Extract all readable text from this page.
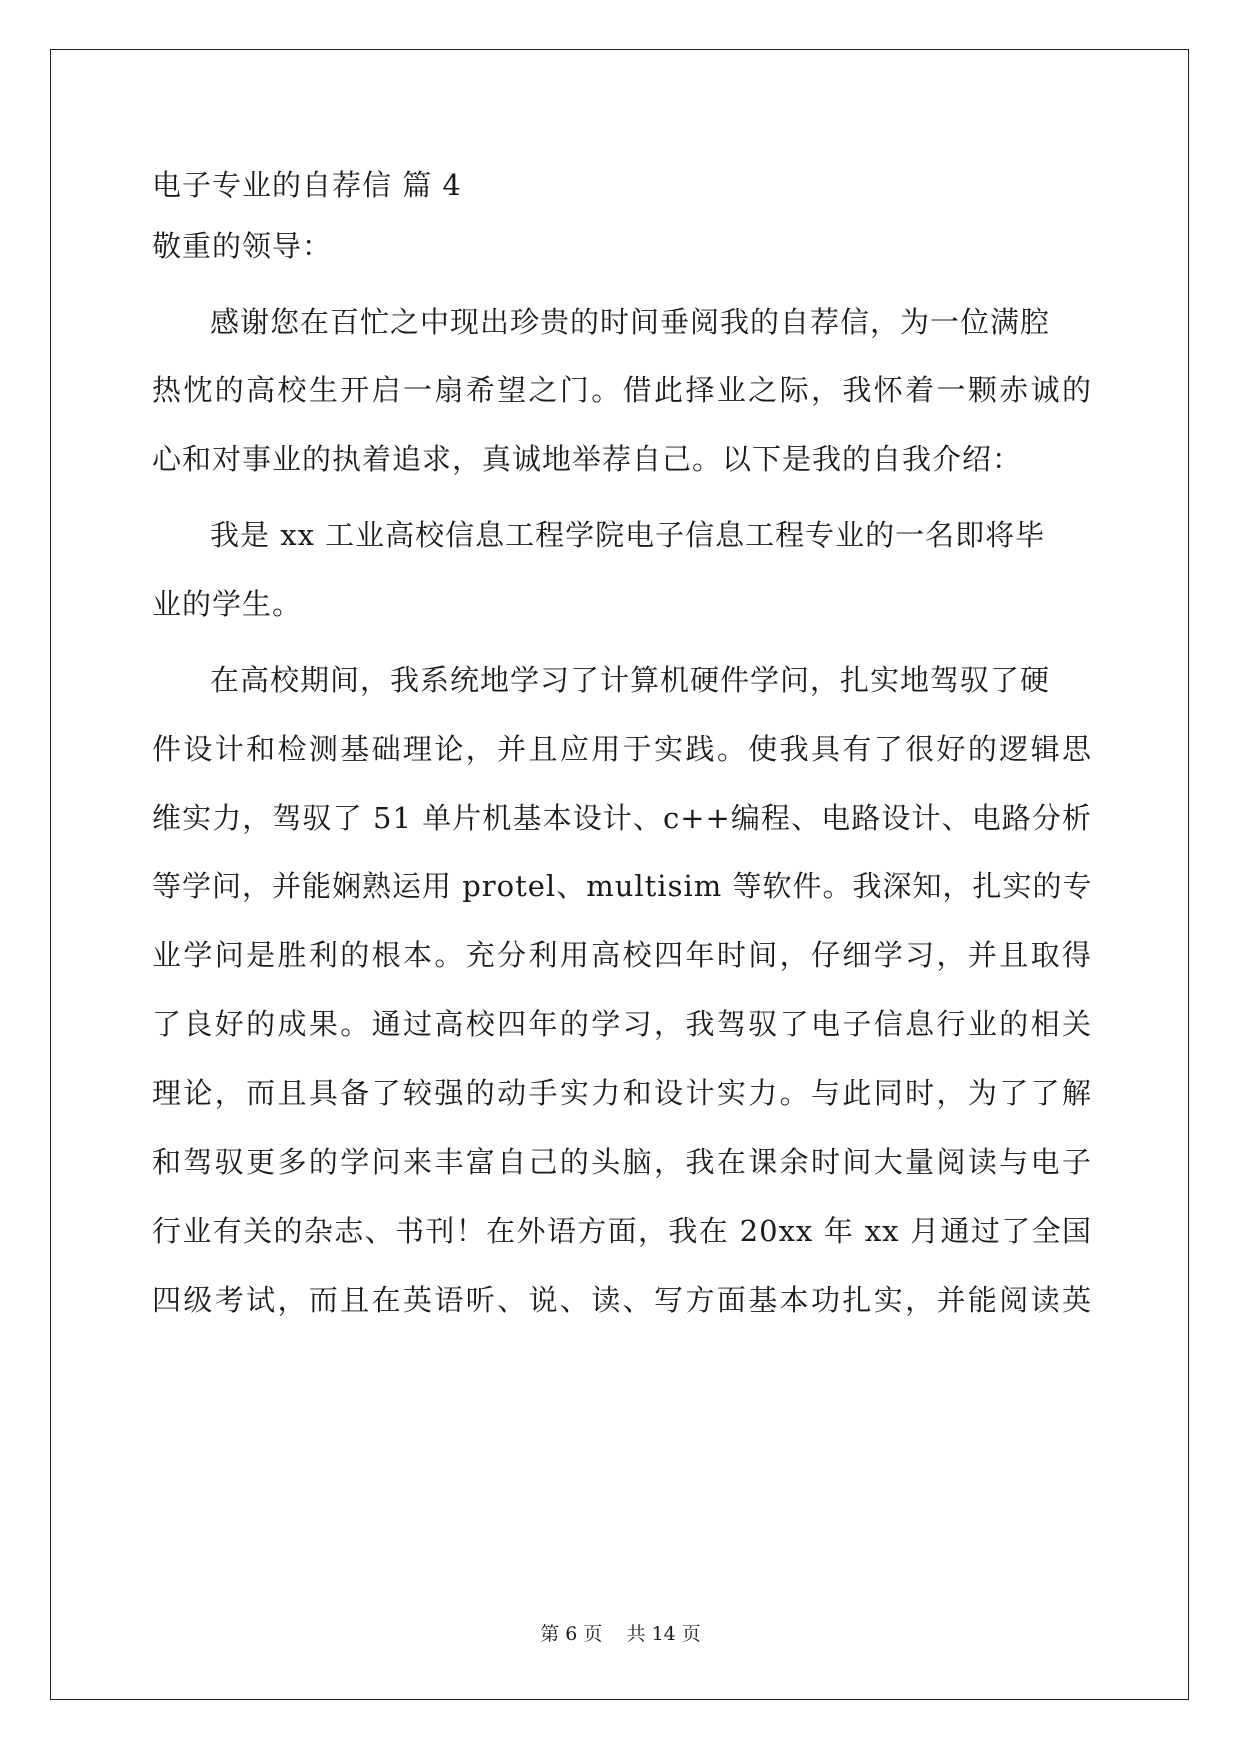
电子专业的自荐信 篇 4
敬重的领导：
感谢您在百忙之中现出珍贵的时间垂阅我的自荐信，为一位满腔
热忱的高校生开启一扇希望之门。借此择业之际，我怀着一颗赤诚的
心和对事业的执着追求，真诚地举荐自己。以下是我的自我介绍：
我是 xx 工业高校信息工程学院电子信息工程专业的一名即将毕
业的学生。
在高校期间，我系统地学习了计算机硬件学问，扎实地驾驭了硬
件设计和检测基础理论，并且应用于实践。使我具有了很好的逻辑思
维实力，驾驭了 51 单片机基本设计、c++编程、电路设计、电路分析
等学问，并能娴熟运用 protel、multisim 等软件。我深知，扎实的专
业学问是胜利的根本。充分利用高校四年时间，仔细学习，并且取得
了良好的成果。通过高校四年的学习，我驾驭了电子信息行业的相关
理论，而且具备了较强的动手实力和设计实力。与此同时，为了了解
和驾驭更多的学问来丰富自己的头脑，我在课余时间大量阅读与电子
行业有关的杂志、书刊！在外语方面，我在 20xx 年 xx 月通过了全国
四级考试，而且在英语听、说、读、写方面基本功扎实，并能阅读英
第 6 页 共 14 页
